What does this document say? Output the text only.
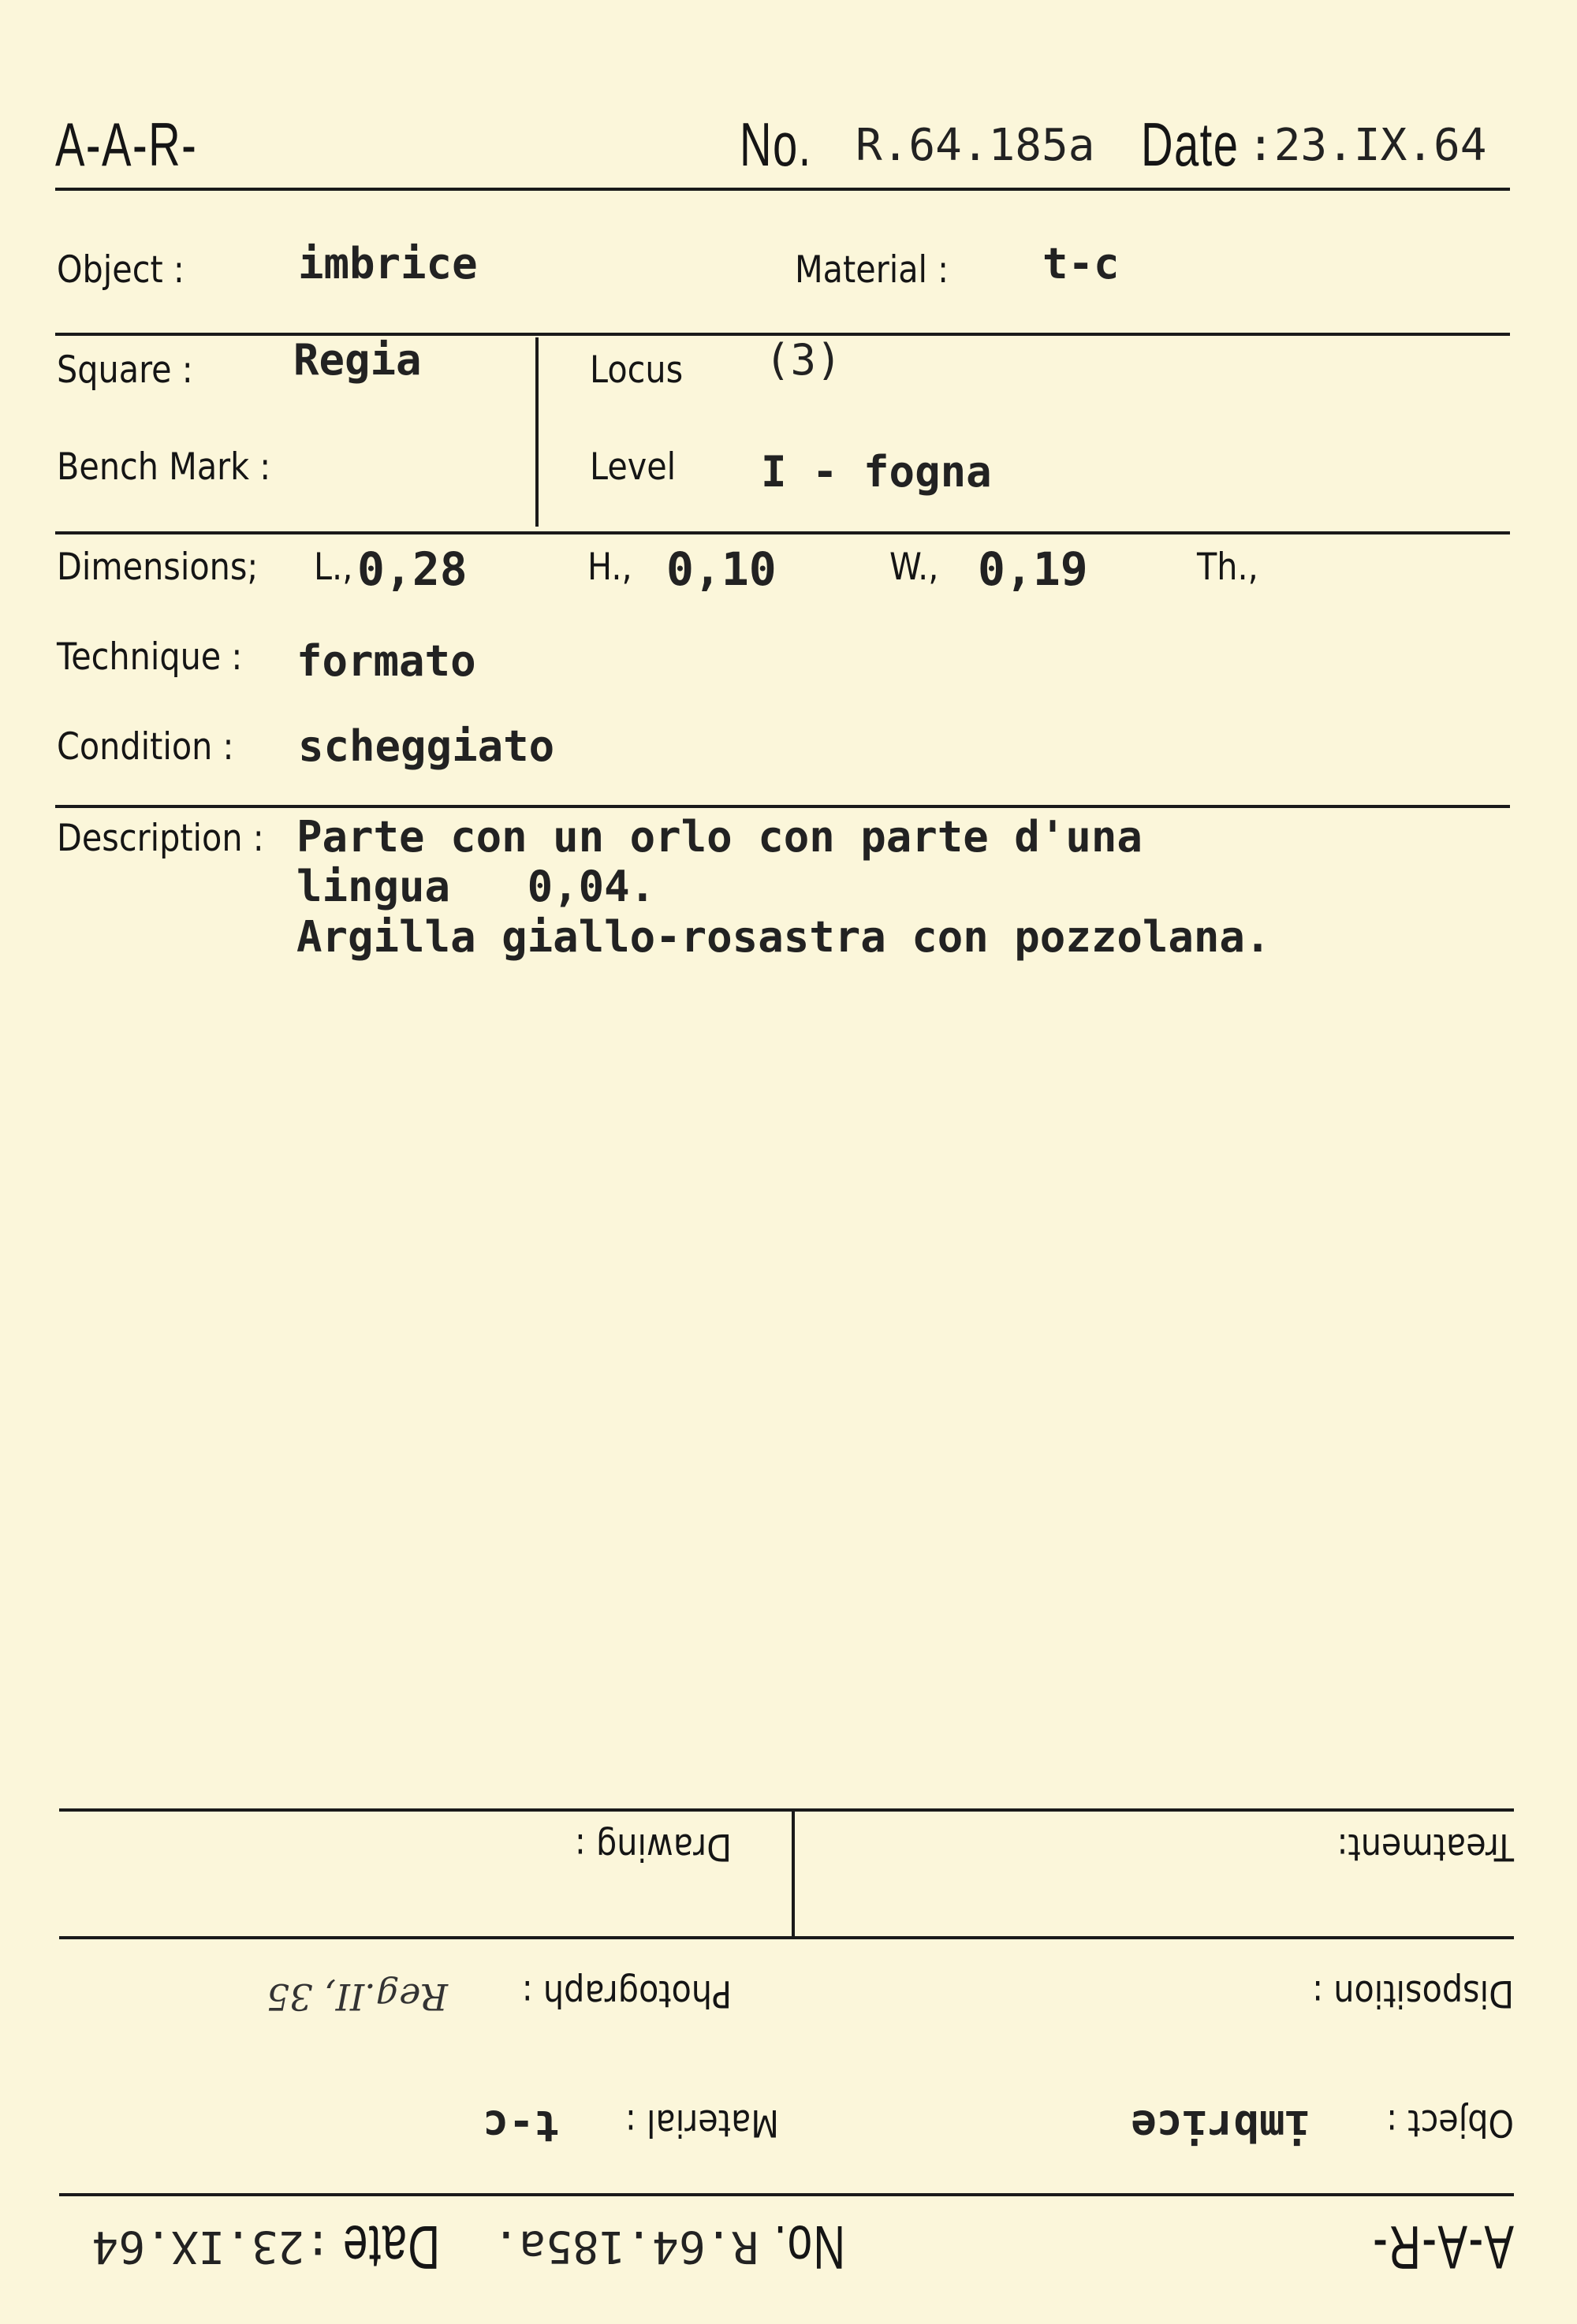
A-A-R-	No. R.64.185a Date :23.IX.64
Object :	imbrice	Material : t-c
Square : Regia	Locus (3)
Bench Mark :	Level I - fogna
Dimensions; L., 0,28	H., 0,10	W., 0,19	Th.,
Technique : formato
Condition : scheggiato
Description : Parte con un orlo con parte d'una
lingua   0,04.
Argilla giallo-rosastra con pozzolana.
Treatment:
Drawing :
Disposition :
Photograph :
Reg.II, 35
Object :
imbrice
Material :
t-c
A-A-R-
No.
R.64.185a.
Date
:23.IX.64
